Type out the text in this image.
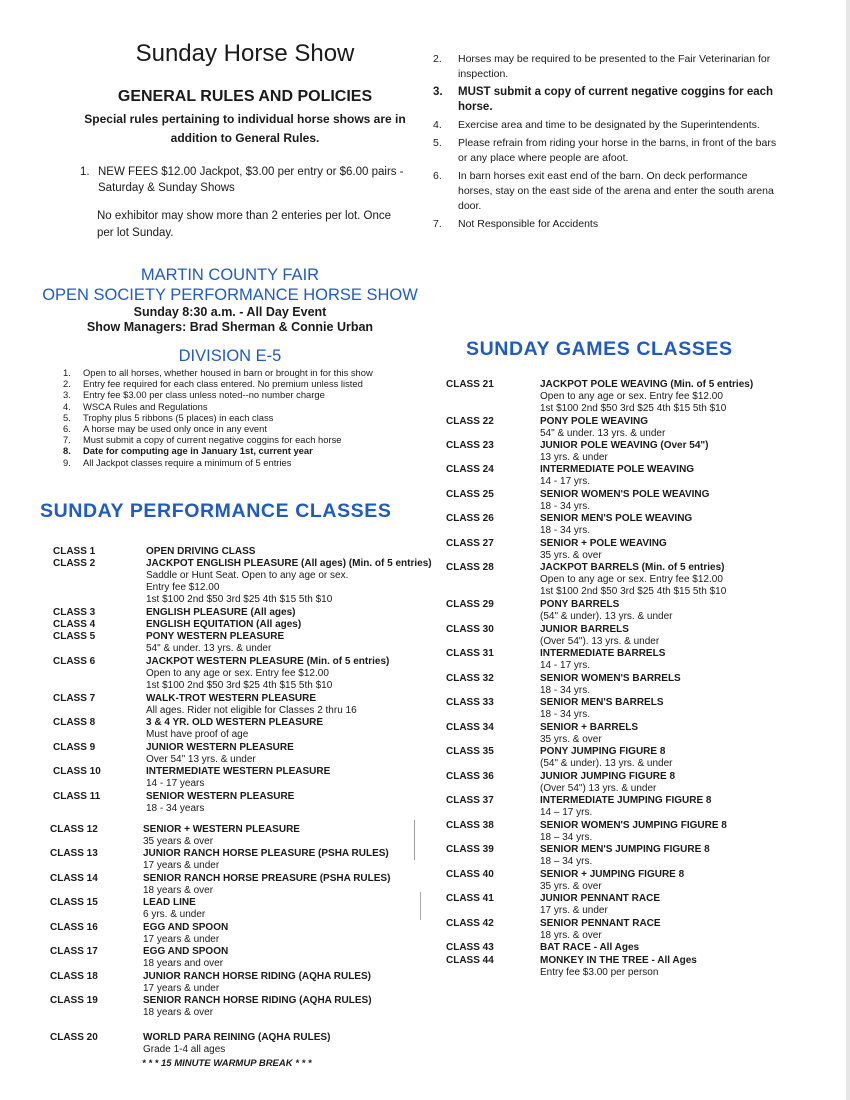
Sunday Horse Show
GENERAL RULES AND POLICIES
Special rules pertaining to individual horse shows are in
addition to General Rules.
1. NEW FEES $12.00 Jackpot, $3.00 per entry or $6.00 pairs - Saturday & Sunday Shows
No exhibitor may show more than 2 enteries per lot. Once per lot Sunday.
2.	Horses may be required to be presented to the Fair Veterinarian for inspection.
3.	MUST submit a copy of current negative coggins for each horse.
4.	Exercise area and time to be designated by the Superintendents.
5.	Please refrain from riding your horse in the barns, in front of the bars or any place where people are afoot.
6.	In barn horses exit east end of the barn. On deck performance horses, stay on the east side of the arena and enter the south arena door.
7.	Not Responsible for Accidents
MARTIN COUNTY FAIR
OPEN SOCIETY PERFORMANCE HORSE SHOW
Sunday 8:30 a.m. - All Day Event
Show Managers: Brad Sherman & Connie Urban
DIVISION E-5
1.	Open to all horses, whether housed in barn or brought in for this show
2.	Entry fee required for each class entered. No premium unless listed
3.	Entry fee $3.00 per class unless noted--no number charge
4.	WSCA Rules and Regulations
5.	Trophy plus 5 ribbons (5 places) in each class
6.	A horse may be used only once in any event
7.	Must submit a copy of current negative coggins for each horse
8.	Date for computing age in January 1st, current year
9.	All Jackpot classes require a minimum of 5 entries
SUNDAY PERFORMANCE CLASSES
CLASS 1	OPEN DRIVING CLASS
CLASS 2	JACKPOT ENGLISH PLEASURE (All ages) (Min. of 5 entries)
Saddle or Hunt Seat. Open to any age or sex.
Entry fee $12.00
1st $100 2nd $50 3rd $25 4th $15 5th $10
CLASS 3	ENGLISH PLEASURE (All ages)
CLASS 4	ENGLISH EQUITATION (All ages)
CLASS 5	PONY WESTERN PLEASURE
54" & under. 13 yrs. & under
CLASS 6	JACKPOT WESTERN PLEASURE (Min. of 5 entries)
Open to any age or sex. Entry fee $12.00
1st $100 2nd $50 3rd $25 4th $15 5th $10
CLASS 7	WALK-TROT WESTERN PLEASURE
All ages. Rider not eligible for Classes 2 thru 16
CLASS 8	3 & 4 YR. OLD WESTERN PLEASURE
Must have proof of age
CLASS 9	JUNIOR WESTERN PLEASURE
Over 54" 13 yrs. & under
CLASS 10	INTERMEDIATE WESTERN PLEASURE
14 - 17 years
CLASS 11	SENIOR WESTERN PLEASURE
18 - 34 years
CLASS 12	SENIOR + WESTERN PLEASURE
35 years & over
CLASS 13	JUNIOR RANCH HORSE PLEASURE (PSHA RULES)
17 years & under
CLASS 14	SENIOR RANCH HORSE PREASURE (PSHA RULES)
18 years & over
CLASS 15	LEAD LINE
6 yrs. & under
CLASS 16	EGG AND SPOON
17 years & under
CLASS 17	EGG AND SPOON
18 years and over
CLASS 18	JUNIOR RANCH HORSE RIDING (AQHA RULES)
17 years & under
CLASS 19	SENIOR RANCH HORSE RIDING (AQHA RULES)
18 years & over
CLASS 20	WORLD PARA REINING (AQHA RULES)
Grade 1-4 all ages
* * * 15 MINUTE WARMUP BREAK * * *
SUNDAY GAMES CLASSES
CLASS 21	JACKPOT POLE WEAVING (Min. of 5 entries)
Open to any age or sex. Entry fee $12.00
1st $100 2nd $50 3rd $25 4th $15 5th $10
CLASS 22	PONY POLE WEAVING
54" & under. 13 yrs. & under
CLASS 23	JUNIOR POLE WEAVING (Over 54")
13 yrs. & under
CLASS 24	INTERMEDIATE POLE WEAVING
14 - 17 yrs.
CLASS 25	SENIOR WOMEN'S POLE WEAVING
18 - 34 yrs.
CLASS 26	SENIOR MEN'S POLE WEAVING
18 - 34 yrs.
CLASS 27	SENIOR + POLE WEAVING
35 yrs. & over
CLASS 28	JACKPOT BARRELS (Min. of 5 entries)
Open to any age or sex. Entry fee $12.00
1st $100 2nd $50 3rd $25 4th $15 5th $10
CLASS 29	PONY BARRELS
(54" & under). 13 yrs. & under
CLASS 30	JUNIOR BARRELS
(Over 54"). 13 yrs. & under
CLASS 31	INTERMEDIATE BARRELS
14 - 17 yrs.
CLASS 32	SENIOR WOMEN'S BARRELS
18 - 34 yrs.
CLASS 33	SENIOR MEN'S BARRELS
18 - 34 yrs.
CLASS 34	SENIOR + BARRELS
35 yrs. & over
CLASS 35	PONY JUMPING FIGURE 8
(54" & under). 13 yrs. & under
CLASS 36	JUNIOR JUMPING FIGURE 8
(Over 54") 13 yrs. & under
CLASS 37	INTERMEDIATE JUMPING FIGURE 8
14 – 17 yrs.
CLASS 38	SENIOR WOMEN'S JUMPING FIGURE 8
18 – 34 yrs.
CLASS 39	SENIOR MEN'S JUMPING FIGURE 8
18 – 34 yrs.
CLASS 40	SENIOR + JUMPING FIGURE 8
35 yrs. & over
CLASS 41	JUNIOR PENNANT RACE
17 yrs. & under
CLASS 42	SENIOR PENNANT RACE
18 yrs. & over
CLASS 43	BAT RACE - All Ages
CLASS 44	MONKEY IN THE TREE - All Ages
Entry fee $3.00 per person
